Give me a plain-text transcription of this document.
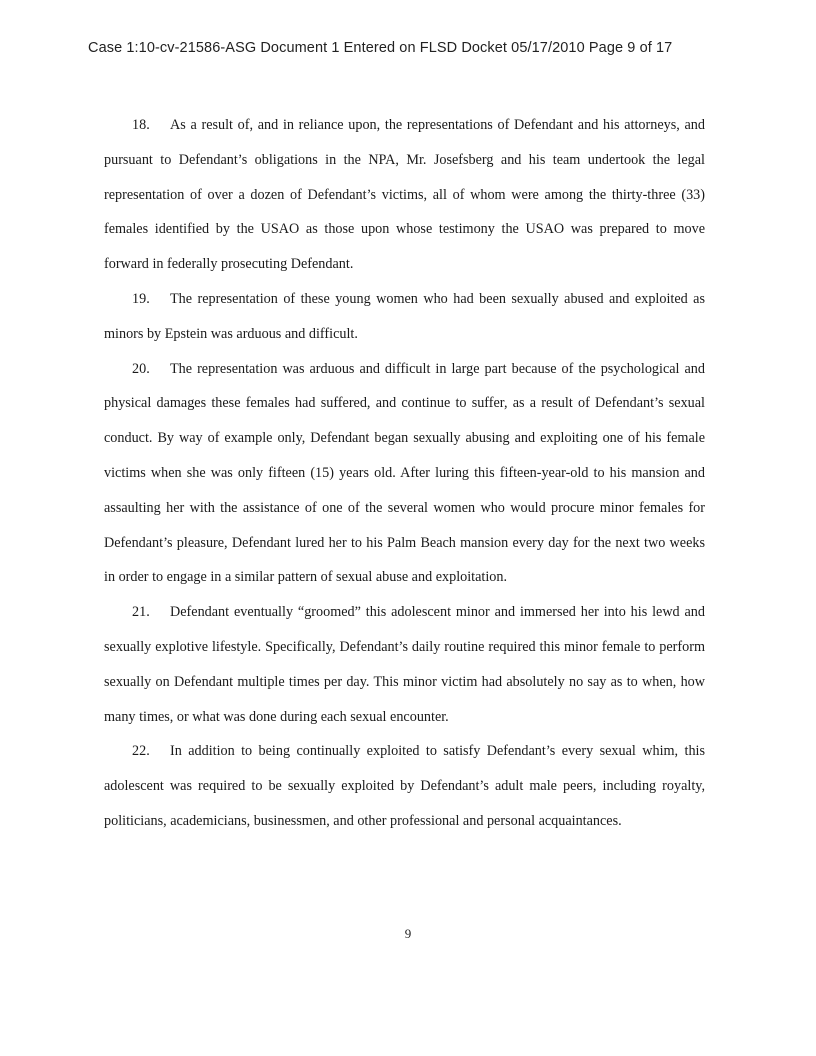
Case 1:10-cv-21586-ASG Document 1 Entered on FLSD Docket 05/17/2010 Page 9 of 17

18. As a result of, and in reliance upon, the representations of Defendant and his attorneys, and pursuant to Defendant’s obligations in the NPA, Mr. Josefsberg and his team undertook the legal representation of over a dozen of Defendant’s victims, all of whom were among the thirty-three (33) females identified by the USAO as those upon whose testimony the USAO was prepared to move forward in federally prosecuting Defendant.

19. The representation of these young women who had been sexually abused and exploited as minors by Epstein was arduous and difficult.

20. The representation was arduous and difficult in large part because of the psychological and physical damages these females had suffered, and continue to suffer, as a result of Defendant’s sexual conduct. By way of example only, Defendant began sexually abusing and exploiting one of his female victims when she was only fifteen (15) years old. After luring this fifteen-year-old to his mansion and assaulting her with the assistance of one of the several women who would procure minor females for Defendant’s pleasure, Defendant lured her to his Palm Beach mansion every day for the next two weeks in order to engage in a similar pattern of sexual abuse and exploitation.

21. Defendant eventually “groomed” this adolescent minor and immersed her into his lewd and sexually explotive lifestyle. Specifically, Defendant’s daily routine required this minor female to perform sexually on Defendant multiple times per day. This minor victim had absolutely no say as to when, how many times, or what was done during each sexual encounter.

22. In addition to being continually exploited to satisfy Defendant’s every sexual whim, this adolescent was required to be sexually exploited by Defendant’s adult male peers, including royalty, politicians, academicians, businessmen, and other professional and personal acquaintances.

9
